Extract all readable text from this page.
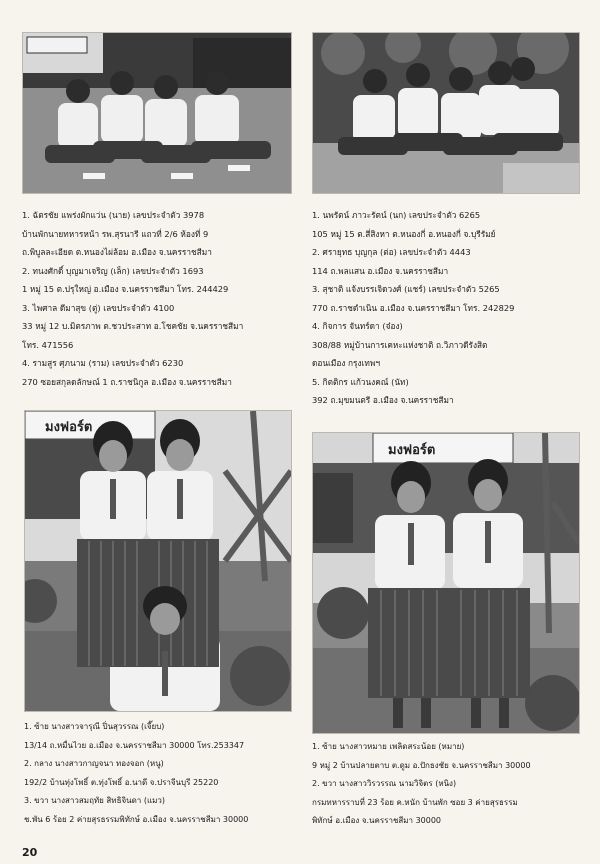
1. ฉัตรชัย แพร่งผักแว่น (นาย) เลขประจำตัว 3978

บ้านพักนายทหารหน้า รพ.สุรนารี แถวที่ 2/6 ห้องที่ 9

ถ.พิบูลละเอียด ต.หนองไผ่ล้อม อ.เมือง จ.นครราชสีมา

2. ทนงศักดิ์ บุญมาเจริญ (เล็ก) เลขประจำตัว 1693

1 หมู่ 15 ต.ปรุใหญ่ อ.เมือง จ.นครราชสีมา โทร. 244429

3. ไพศาล ดีมาสุข (ตู่) เลขประจำตัว 4100

33 หมู่ 12 บ.มิตรภาพ ต.ชวประสาท อ.โชคชัย จ.นครราชสีมา

โทร. 471556

4. รามสูร ศุภนาม (ราม) เลขประจำตัว 6230

270 ซอยสกุลดลักษณ์ 1 ถ.ราชนิกูล อ.เมือง จ.นครราชสีมา

1. นพรัตน์ ภาวะรัตน์ (นก) เลขประจำตัว 6265

105 หมู่ 15 ต.สี่สิงหา ต.หนองกี่ อ.หนองกี่ จ.บุรีรัมย์

2. ศรายุทธ บุญกุล (ต่อ) เลขประจำตัว 4443

114 ถ.พลแสน อ.เมือง จ.นครราชสีมา

3. สุชาติ แจ้งบรรเจิดวงศ์ (แชร์) เลขประจำตัว 5265

770 ถ.ราชดำเนิน อ.เมือง จ.นครราชสีมา โทร. 242829

4. กิจการ จันทร์ดา (จ๋อง)

308/88 หมู่บ้านการเคหะแห่งชาติ ถ.วิภาวดีรังสิต

ดอนเมือง กรุงเทพฯ

5. กิตติกร แก้วนงคณ์ (นัท)

392 ถ.มุขมนตรี อ.เมือง จ.นครราชสีมา

มงฟอร์ต
มงฟอร์ต

1. ซ้าย นางสาวจารุณี ปิ่นสุวรรณ (เจี๊ยบ)

13/14 ถ.หมื่นไวย อ.เมือง จ.นครราชสีมา 30000 โทร.253347

2. กลาง นางสาวกาญจนา ทองจอก (หนู)

192/2 บ้านทุ่งโพธิ์ ต.ทุ่งโพธิ์ อ.นาดี จ.ปราจีนบุรี 25220

3. ขวา นางสาวสมฤทัย สิทธิจินดา (แมว)

ช.พัน 6 ร้อย 2 ค่ายสุรธรรมพิทักษ์ อ.เมือง จ.นครราชสีมา 30000

1. ซ้าย นางสาวหมาย เพลิดสระน้อย (หมาย)

9 หมู่ 2 บ้านปลายตาบ ต.ดูม อ.ปักธงชัย จ.นครราชสีมา 30000

2. ขวา นางสาววิรวรรณ นามวิจิตร (หนิง)

กรมทหารราบที่ 23 ร้อย ค.หนัก บ้านพัก ซอย 3 ค่ายสุรธรรม

พิทักษ์ อ.เมือง จ.นครราชสีมา 30000

20
